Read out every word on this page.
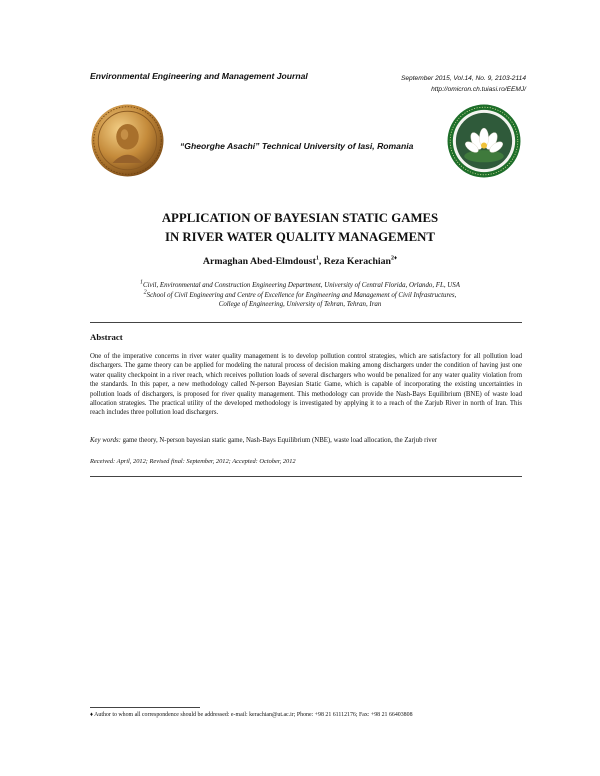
Environmental Engineering and Management Journal	September 2015, Vol.14, No. 9, 2103-2114
http://omicron.ch.tuiasi.ro/EEMJ/
“Gheorghe Asachi” Technical University of Iasi, Romania
APPLICATION OF BAYESIAN STATIC GAMES
IN RIVER WATER QUALITY MANAGEMENT
Armaghan Abed-Elmdoust$^1$, Reza Kerachian$^{2♦}$
$^1$Civil, Environmental and Construction Engineering Department, University of Central Florida, Orlando, FL, USA
$^2$School of Civil Engineering and Centre of Excellence for Engineering and Management of Civil Infrastructures,
College of Engineering, University of Tehran, Tehran, Iran
Abstract
One of the imperative concerns in river water quality management is to develop pollution control strategies, which are satisfactory for all pollution load dischargers. The game theory can be applied for modeling the natural process of decision making among dischargers under the condition of having just one water quality checkpoint in a river reach, which receives pollution loads of several dischargers who would be penalized for any water quality violation from the standards. In this paper, a new methodology called N-person Bayesian Static Game, which is capable of incorporating the existing uncertainties in pollution loads of dischargers, is proposed for river quality management. This methodology can provide the Nash-Bays Equilibrium (BNE) of waste load allocation strategies. The practical utility of the developed methodology is investigated by applying it to a reach of the Zarjub River in north of Iran. This reach includes three pollution load dischargers.
Key words: game theory, N-person bayesian static game, Nash-Bays Equilibrium (NBE), waste load allocation, the Zarjub river
Received: April, 2012; Revised final: September, 2012; Accepted: October, 2012
♦ Author to whom all correspondence should be addressed: e-mail: kerachian@ut.ac.ir; Phone: +98 21 61112176; Fax: +98 21 66403808
